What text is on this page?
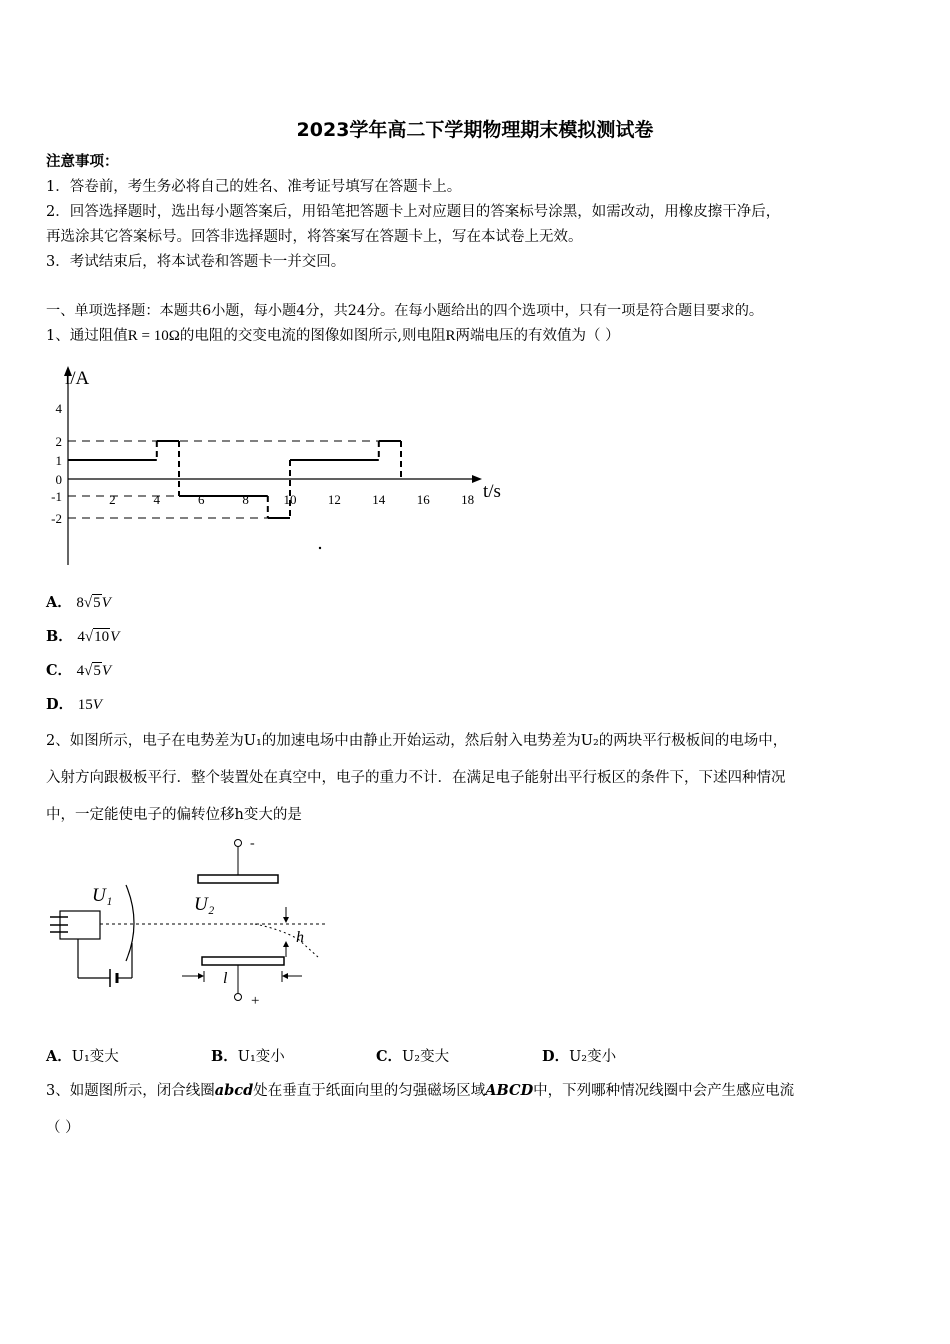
2023学年高二下学期物理期末模拟测试卷
注意事项：
1．答卷前，考生务必将自己的姓名、准考证号填写在答题卡上。
2．回答选择题时，选出每小题答案后，用铅笔把答题卡上对应题目的答案标号涂黑，如需改动，用橡皮擦干净后，
再选涂其它答案标号。回答非选择题时，将答案写在答题卡上，写在本试卷上无效。
3．考试结束后，将本试卷和答题卡一并交回。
一、单项选择题：本题共6小题，每小题4分，共24分。在每小题给出的四个选项中，只有一项是符合题目要求的。
1、通过阻值R = 10Ω的电阻的交变电流的图像如图所示,则电阻R两端电压的有效值为（ ）
i/A
t/s
4
2
1
0
-1
-2
2	4	6	8	10 12 14 16 18
A． 8√5V
B． 4√10V
C． 4√5V
D． 15V
2、如图所示，电子在电势差为U₁的加速电场中由静止开始运动，然后射入电势差为U₂的两块平行极板间的电场中，
入射方向跟极板平行．整个装置处在真空中，电子的重力不计．在满足电子能射出平行板区的条件下，下述四种情况
中，一定能使电子的偏转位移h变大的是
-
U₂
U₁
h
+
l
A．U₁变大	B．U₁变小	C．U₂变大	D．U₂变小
3、如题图所示，闭合线圈abcd处在垂直于纸面向里的匀强磁场区域ABCD中，下列哪种情况线圈中会产生感应电流
（ ）
